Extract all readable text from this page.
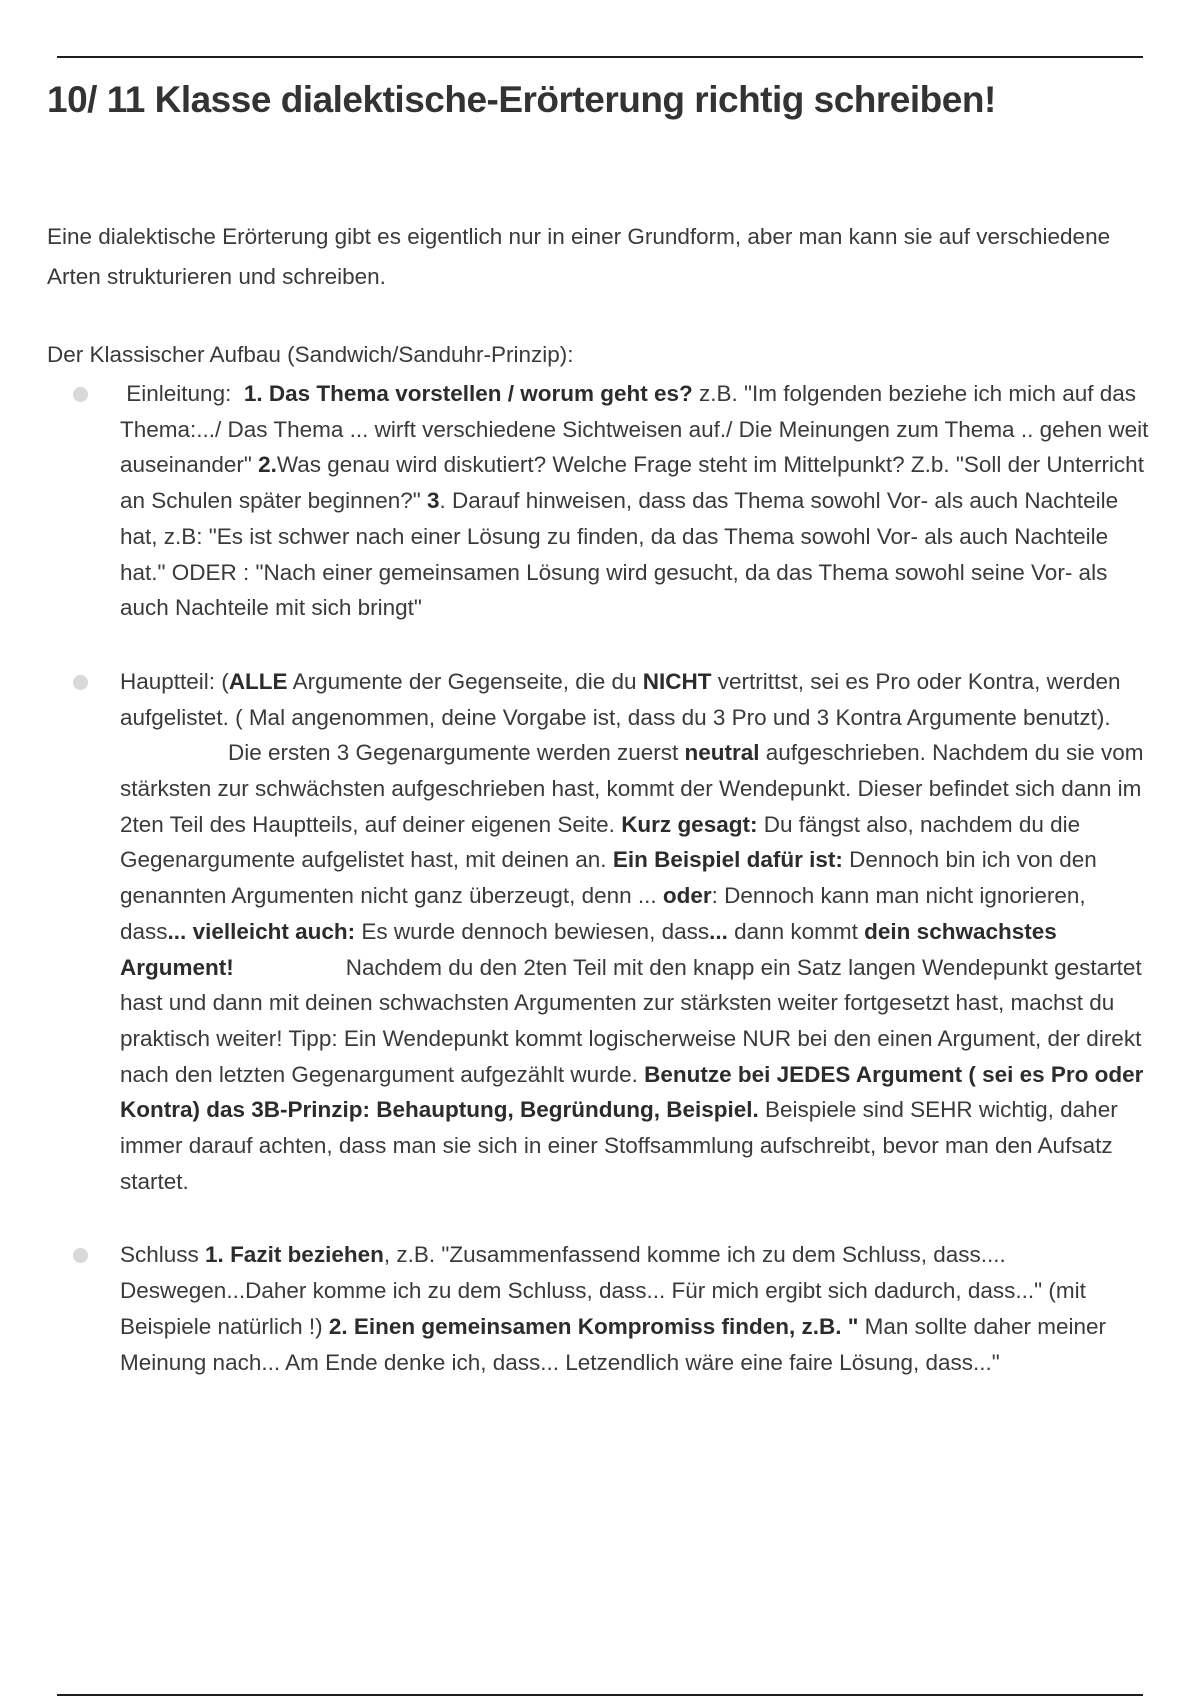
10/ 11 Klasse dialektische-Erörterung richtig schreiben!

Eine dialektische Erörterung gibt es eigentlich nur in einer Grundform, aber man kann sie auf verschiedene Arten strukturieren und schreiben.

Der Klassischer Aufbau (Sandwich/Sanduhr-Prinzip):

Einleitung: 1. Das Thema vorstellen / worum geht es? z.B. "Im folgenden beziehe ich mich auf das Thema:.../ Das Thema ... wirft verschiedene Sichtweisen auf./ Die Meinungen zum Thema .. gehen weit auseinander" 2.Was genau wird diskutiert? Welche Frage steht im Mittelpunkt? Z.b. "Soll der Unterricht an Schulen später beginnen?" 3. Darauf hinweisen, dass das Thema sowohl Vor- als auch Nachteile hat, z.B: "Es ist schwer nach einer Lösung zu finden, da das Thema sowohl Vor- als auch Nachteile hat." ODER : "Nach einer gemeinsamen Lösung wird gesucht, da das Thema sowohl seine Vor- als auch Nachteile mit sich bringt"
Hauptteil: (ALLE Argumente der Gegenseite, die du NICHT vertrittst, sei es Pro oder Kontra, werden aufgelistet. ( Mal angenommen, deine Vorgabe ist, dass du 3 Pro und 3 Kontra Argumente benutzt).Die ersten 3 Gegenargumente werden zuerst neutral aufgeschrieben. Nachdem du sie vom stärksten zur schwächsten aufgeschrieben hast, kommt der Wendepunkt. Dieser befindet sich dann im 2ten Teil des Hauptteils, auf deiner eigenen Seite. Kurz gesagt: Du fängst also, nachdem du die Gegenargumente aufgelistet hast, mit deinen an. Ein Beispiel dafür ist: Dennoch bin ich von den genannten Argumenten nicht ganz überzeugt, denn ... oder: Dennoch kann man nicht ignorieren, dass... vielleicht auch: Es wurde dennoch bewiesen, dass... dann kommt dein schwachstes Argument!	Nachdem du den 2ten Teil mit den knapp ein Satz langen Wendepunkt gestartet hast und dann mit deinen schwachsten Argumenten zur stärksten weiter fortgesetzt hast, machst du praktisch weiter! Tipp: Ein Wendepunkt kommt logischerweise NUR bei den einen Argument, der direkt nach den letzten Gegenargument aufgezählt wurde. Benutze bei JEDES Argument ( sei es Pro oder Kontra) das 3B-Prinzip: Behauptung, Begründung, Beispiel. Beispiele sind SEHR wichtig, daher immer darauf achten, dass man sie sich in einer Stoffsammlung aufschreibt, bevor man den Aufsatz startet.
Schluss 1. Fazit beziehen, z.B. "Zusammenfassend komme ich zu dem Schluss, dass.... Deswegen...Daher komme ich zu dem Schluss, dass... Für mich ergibt sich dadurch, dass..." (mit Beispiele natürlich !) 2. Einen gemeinsamen Kompromiss finden, z.B. " Man sollte daher meiner Meinung nach... Am Ende denke ich, dass... Letzendlich wäre eine faire Lösung, dass..."
